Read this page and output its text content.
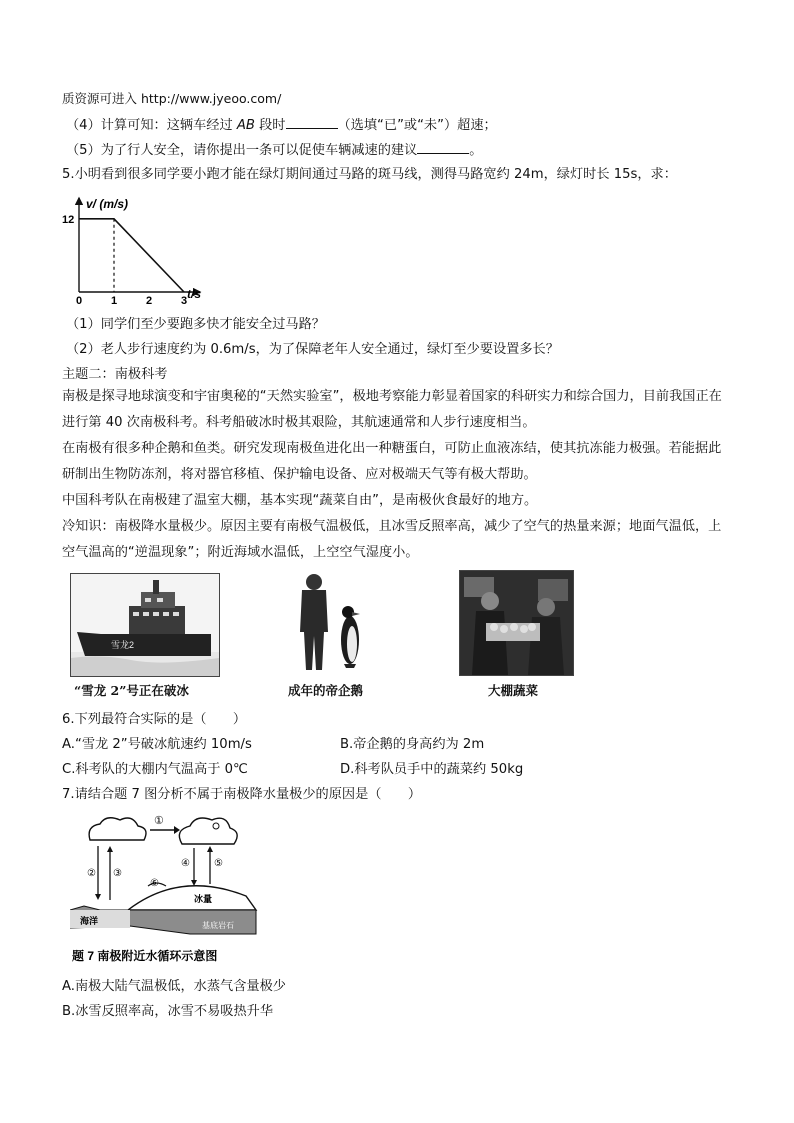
质资源可进入 http://www.jyeoo.com/
（4）计算可知：这辆车经过 AB 段时	（选填“已”或“未”）超速；
（5）为了行人安全，请你提出一条可以促使车辆减速的建议	。
5.小明看到很多同学要小跑才能在绿灯期间通过马路的斑马线，测得马路宽约 24m，绿灯时长 15s，求：
v/ (m/s)
t/s
0	1	2	3
12
（1）同学们至少要跑多快才能安全过马路？
（2）老人步行速度约为 0.6m/s，为了保障老年人安全通过，绿灯至少要设置多长？
主题二：南极科考
南极是探寻地球演变和宇宙奥秘的“天然实验室”，极地考察能力彰显着国家的科研实力和综合国力，目前我国正在进行第 40 次南极科考。科考船破冰时极其艰险，其航速通常和人步行速度相当。
在南极有很多种企鹅和鱼类。研究发现南极鱼进化出一种糖蛋白，可防止血液冻结，使其抗冻能力极强。若能据此研制出生物防冻剂，将对器官移植、保护输电设备、应对极端天气等有极大帮助。
中国科考队在南极建了温室大棚，基本实现“蔬菜自由”，是南极伙食最好的地方。
冷知识：南极降水量极少。原因主要有南极气温极低，且冰雪反照率高，减少了空气的热量来源；地面气温低，上空气温高的“逆温现象”；附近海域水温低，上空空气湿度小。
雪龙2
“雪龙 2”号正在破冰	成年的帝企鹅	大棚蔬菜
6.下列最符合实际的是（　　）
A.“雪龙 2”号破冰航速约 10m/s	B.帝企鹅的身高约为 2m
C.科考队的大棚内气温高于 0℃	D.科考队员手中的蔬菜约 50kg
7.请结合题 7 图分析不属于南极降水量极少的原因是（　　）
①
② ③
④ ⑤
⑥
海洋
冰量
基底岩石
题 7 南极附近水循环示意图
A.南极大陆气温极低，水蒸气含量极少
B.冰雪反照率高，冰雪不易吸热升华
